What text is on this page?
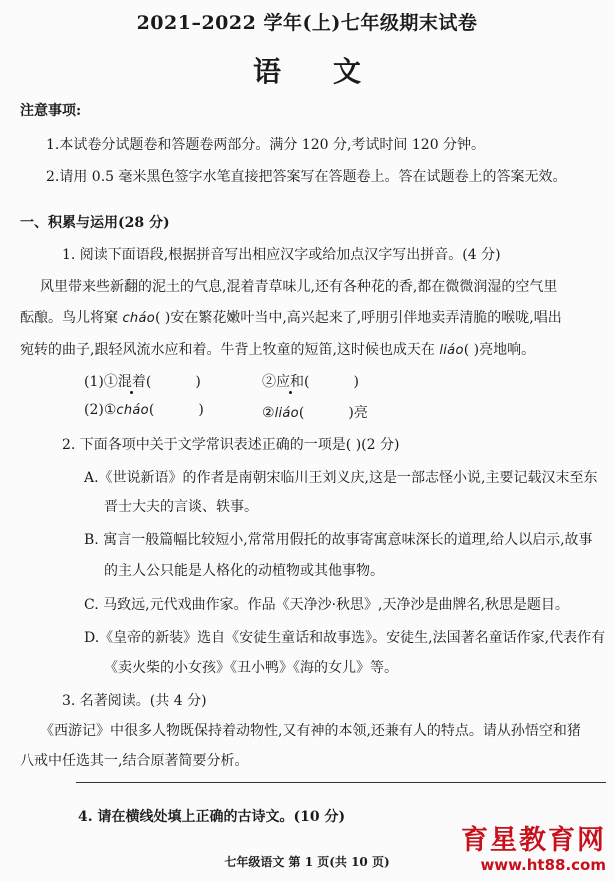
2021–2022 学年(上)七年级期末试卷
语文
注意事项:
1.本试卷分试题卷和答题卷两部分。满分 120 分,考试时间 120 分钟。
2.请用 0.5 毫米黑色签字水笔直接把答案写在答题卷上。答在试题卷上的答案无效。
一、积累与运用(28 分)
1. 阅读下面语段,根据拼音写出相应汉字或给加点汉字写出拼音。(4 分)
风里带来些新翻的泥土的气息,混着青草味儿,还有各种花的香,都在微微润湿的空气里
酝酿。鸟儿将窠 cháo( )安在繁花嫩叶当中,高兴起来了,呼朋引伴地卖弄清脆的喉咙,唱出
宛转的曲子,跟轻风流水应和着。牛背上牧童的短笛,这时候也成天在 liáo( )亮地响。
(1)①混着(	)	②应和(	)
(2)①cháo(	)	②liáo(	)亮
2. 下面各项中关于文学常识表述正确的一项是( )(2 分)
A.《世说新语》的作者是南朝宋临川王刘义庆,这是一部志怪小说,主要记载汉末至东
晋士大夫的言谈、轶事。
B. 寓言一般篇幅比较短小,常常用假托的故事寄寓意味深长的道理,给人以启示,故事
的主人公只能是人格化的动植物或其他事物。
C. 马致远,元代戏曲作家。作品《天净沙·秋思》,天净沙是曲牌名,秋思是题目。
D.《皇帝的新装》选自《安徒生童话和故事选》。安徒生,法国著名童话作家,代表作有
《卖火柴的小女孩》《丑小鸭》《海的女儿》等。
3. 名著阅读。(共 4 分)
《西游记》中很多人物既保持着动物性,又有神的本领,还兼有人的特点。请从孙悟空和猪
八戒中任选其一,结合原著简要分析。
4. 请在横线处填上正确的古诗文。(10 分)
七年级语文 第 1 页(共 10 页)
育星教育网
www.ht88.com
